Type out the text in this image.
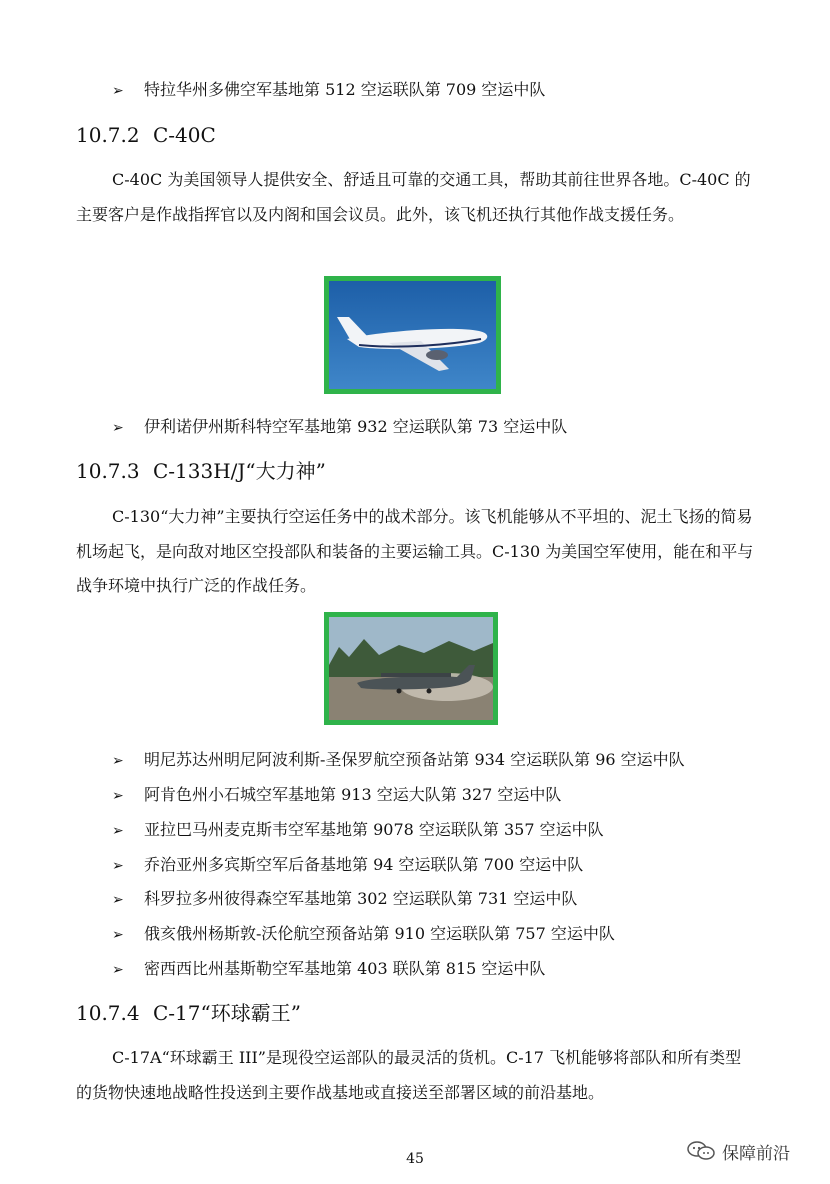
➢ 特拉华州多佛空军基地第 512 空运联队第 709 空运中队
10.7.2 C-40C

C-40C 为美国领导人提供安全、舒适且可靠的交通工具，帮助其前往世界各地。C-40C 的主要客户是作战指挥官以及内阁和国会议员。此外，该飞机还执行其他作战支援任务。

➢ 伊利诺伊州斯科特空军基地第 932 空运联队第 73 空运中队
10.7.3 C-133H/J“大力神”

C-130“大力神”主要执行空运任务中的战术部分。该飞机能够从不平坦的、泥土飞扬的简易机场起飞，是向敌对地区空投部队和装备的主要运输工具。C-130 为美国空军使用，能在和平与战争环境中执行广泛的作战任务。

➢ 明尼苏达州明尼阿波利斯-圣保罗航空预备站第 934 空运联队第 96 空运中队
➢ 阿肯色州小石城空军基地第 913 空运大队第 327 空运中队
➢ 亚拉巴马州麦克斯韦空军基地第 9078 空运联队第 357 空运中队
➢ 乔治亚州多宾斯空军后备基地第 94 空运联队第 700 空运中队
➢ 科罗拉多州彼得森空军基地第 302 空运联队第 731 空运中队
➢ 俄亥俄州杨斯敦-沃伦航空预备站第 910 空运联队第 757 空运中队
➢ 密西西比州基斯勒空军基地第 403 联队第 815 空运中队
10.7.4 C-17“环球霸王”

C-17A“环球霸王 III”是现役空运部队的最灵活的货机。C-17 飞机能够将部队和所有类型的货物快速地战略性投送到主要作战基地或直接送至部署区域的前沿基地。

45	保障前沿
